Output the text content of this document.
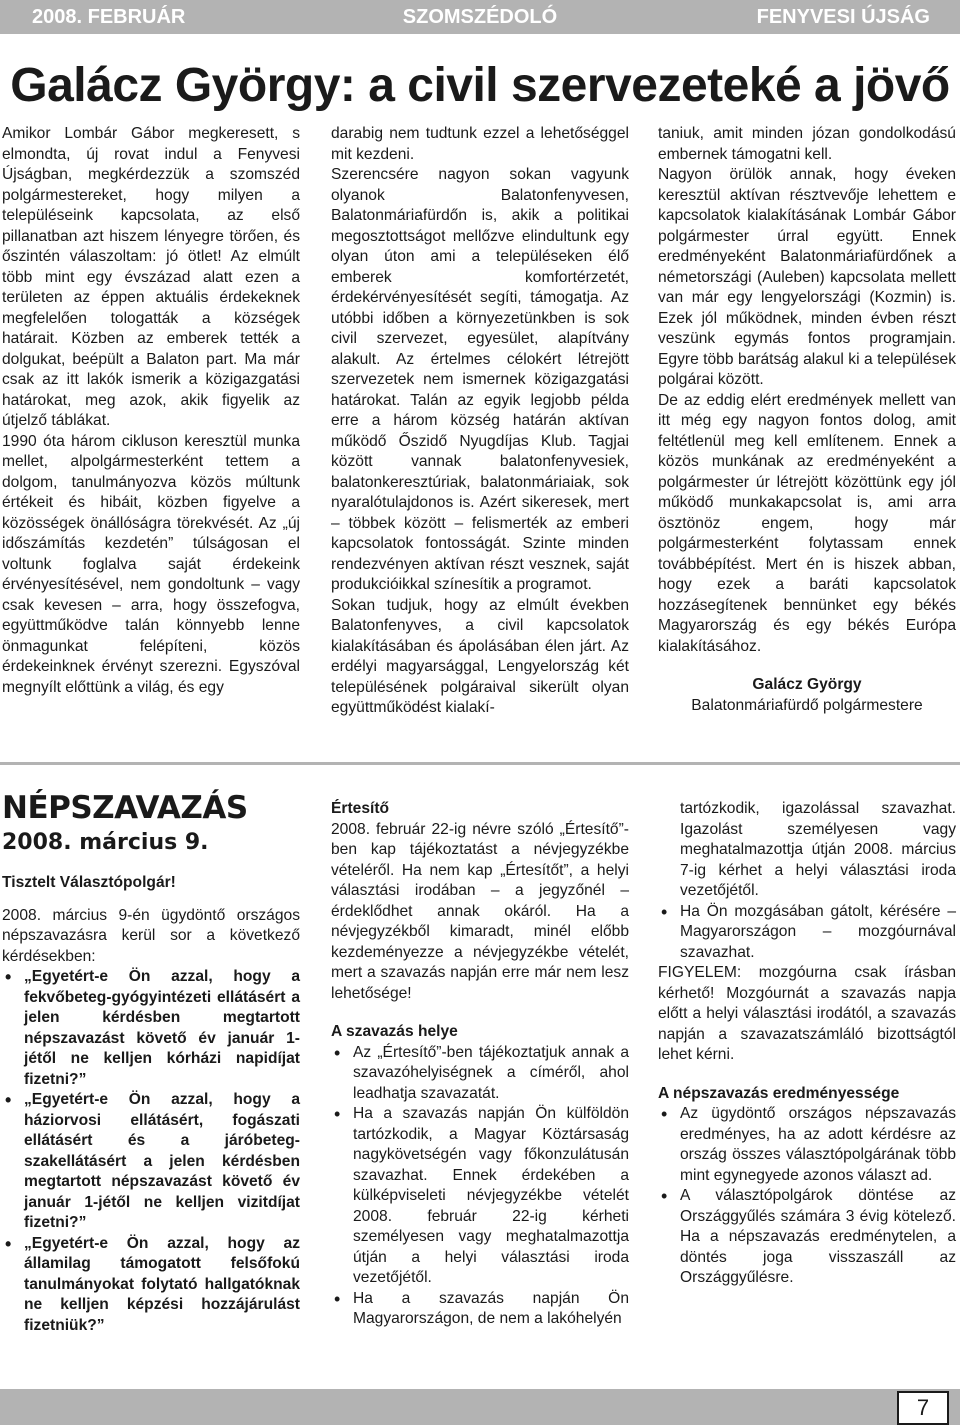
SZOMSZÉDOLÓ
2008. FEBRUÁR	FENYVESI ÚJSÁG
Galácz György: a civil szervezeteké a jövő

Amikor Lombár Gábor megkeresett, s elmondta, új rovat indul a Fenyvesi Újságban, megkérdezzük a szomszéd polgármestereket, hogy milyen a településeink kapcsolata, az első pillanatban azt hiszem lényegre törően, és őszintén válaszoltam: jó ötlet! Az elmúlt több mint egy évszázad alatt ezen a területen az éppen aktuális érdekeknek megfelelően tologatták a községek határait. Közben az emberek tették a dolgukat, beépült a Balaton part. Ma már csak az itt lakók ismerik a közigazgatási határokat, meg azok, akik figyelik az útjelző táblákat.

1990 óta három cikluson keresztül munka mellet, alpolgármesterként tettem a dolgom, tanulmányozva közös múltunk értékeit és hibáit, közben figyelve a közösségek önállóságra törekvését. Az „új időszámítás kezdetén” túlságosan el voltunk foglalva saját érdekeink érvényesítésével, nem gondoltunk – vagy csak kevesen – arra, hogy összefogva, együttműködve talán könnyebb lenne önmagunkat felépíteni, közös érdekeinknek érvényt szerezni. Egyszóval megnyílt előttünk a világ, és egy

darabig nem tudtunk ezzel a lehetőséggel mit kezdeni.

Szerencsére nagyon sokan vagyunk olyanok Balatonfenyvesen, Balatonmáriafürdőn is, akik a politikai megosztottságot mellőzve elindultunk egy olyan úton ami a településeken élő emberek komfortérzetét, érdekérvényesítését segíti, támogatja. Az utóbbi időben a környezetünkben is sok civil szervezet, egyesület, alapítvány alakult. Az értelmes célokért létrejött szervezetek nem ismernek közigazgatási határokat. Talán az egyik legjobb példa erre a három község határán aktívan működő Őszidő Nyugdíjas Klub. Tagjai között vannak balatonfenyvesiek, balatonkeresztúriak, balatonmáriaiak, sok nyaralótulajdonos is. Azért sikeresek, mert – többek között – felismerték az emberi kapcsolatok fontosságát. Szinte minden rendezvényen aktívan részt vesznek, saját produkcióikkal színesítik a programot.

Sokan tudjuk, hogy az elmúlt években Balatonfenyves, a civil kapcsolatok kialakításában és ápolásában élen járt. Az erdélyi magyarsággal, Lengyelország két településének polgáraival sikerült olyan együttműködést kialakí-

taniuk, amit minden józan gondolkodású embernek támogatni kell.

Nagyon örülök annak, hogy éveken keresztül aktívan résztvevője lehettem e kapcsolatok kialakításának Lombár Gábor polgármester úrral együtt. Ennek eredményeként Balatonmáriafürdőnek a németországi (Auleben) kapcsolata mellett van már egy lengyelországi (Kozmin) is. Ezek jól működnek, minden évben részt veszünk egymás fontos programjain. Egyre több barátság alakul ki a települések polgárai között.

De az eddig elért eredmények mellett van itt még egy nagyon fontos dolog, amit feltétlenül meg kell említenem. Ennek a közös munkának az eredményeként a polgármester úr létrejött közöttünk egy jól működő munkakapcsolat is, ami arra ösztönöz engem, hogy már polgármesterként folytassam ennek továbbépítést. Mert én is hiszek abban, hogy ezek a baráti kapcsolatok hozzásegítenek bennünket egy békés Magyarország és egy békés Európa kialakításához.

Galácz György
Balatonmáriafürdő polgármestere

NÉPSZAVAZÁS
2008. március 9.

Tisztelt Választópolgár!

2008. március 9-én ügydöntő országos népszavazásra kerül sor a következő kérdésekben:

• „Egyetért-e Ön azzal, hogy a fekvőbeteg-gyógyintézeti ellátásért a jelen kérdésben megtartott népszavazást követő év január 1-jétől ne kelljen kórházi napidíjat fizetni?”
• „Egyetért-e Ön azzal, hogy a háziorvosi ellátásért, fogászati ellátásért és a járóbeteg-szakellátásért a jelen kérdésben megtartott népszavazást követő év január 1-jétől ne kelljen vizitdíjat fizetni?”
• „Egyetért-e Ön azzal, hogy az államilag támogatott felsőfokú tanulmányokat folytató hallgatóknak ne kelljen képzési hozzájárulást fizetniük?”

Értesítő

2008. február 22-ig névre szóló „Értesítő”-ben kap tájékoztatást a névjegyzékbe vételéről. Ha nem kap „Értesítőt”, a helyi választási irodában – a jegyzőnél – érdeklődhet annak okáról. Ha a névjegyzékből kimaradt, minél előbb kezdeményezze a névjegyzékbe vételét, mert a szavazás napján erre már nem lesz lehetősége!

A szavazás helye

• Az „Értesítő”-ben tájékoztatjuk annak a szavazóhelyiségnek a címéről, ahol leadhatja szavazatát.
• Ha a szavazás napján Ön külföldön tartózkodik, a Magyar Köztársaság nagykövetségén vagy főkonzulátusán szavazhat. Ennek érdekében a külképviseleti névjegyzékbe vételét 2008. február 22-ig kérheti személyesen vagy meghatalmazottja útján a helyi választási iroda vezetőjétől.
• Ha a szavazás napján Ön Magyarországon, de nem a lakóhelyén
tartózkodik, igazolással szavazhat. Igazolást személyesen vagy meghatalmazottja útján 2008. március 7-ig kérhet a helyi választási iroda vezetőjétől.
• Ha Ön mozgásában gátolt, kérésére – Magyarországon – mozgóurnával szavazhat.

FIGYELEM: mozgóurna csak írásban kérhető! Mozgóurnát a szavazás napja előtt a helyi választási irodától, a szavazás napján a szavazatszámláló bizottságtól lehet kérni.

A népszavazás eredményessége

• Az ügydöntő országos népszavazás eredményes, ha az adott kérdésre az ország összes választópolgárának több mint egynegyede azonos választ ad.
• A választópolgárok döntése az Országgyűlés számára 3 évig kötelező. Ha a népszavazás eredménytelen, a döntés joga visszaszáll az Országgyűlésre.
7
